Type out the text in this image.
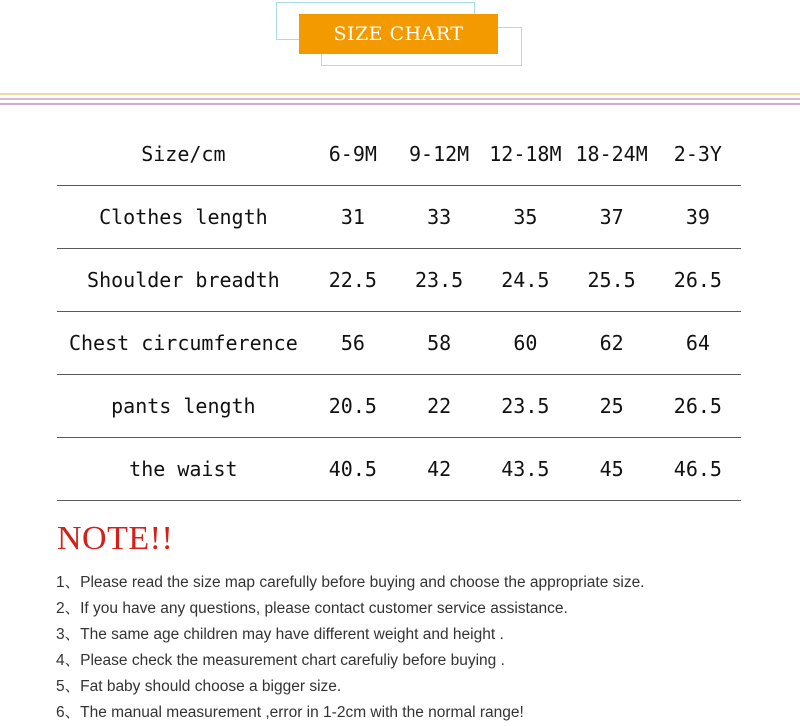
SIZE CHART
Size/cm	6-9M	9-12M	12-18M	18-24M	2-3Y
Clothes length	31	33	35	37	39
Shoulder breadth	22.5	23.5	24.5	25.5	26.5
Chest circumference	56	58	60	62	64
pants length	20.5	22	23.5	25	26.5
the waist	40.5	42	43.5	45	46.5
NOTE!!
1、Please read the size map carefully before buying and choose the appropriate size.
2、If you have any questions, please contact customer service assistance.
3、The same age children may have different weight and height .
4、Please check the measurement chart carefuliy before buying .
5、Fat baby should choose a bigger size.
6、The manual measurement ,error in 1-2cm with the normal range!
